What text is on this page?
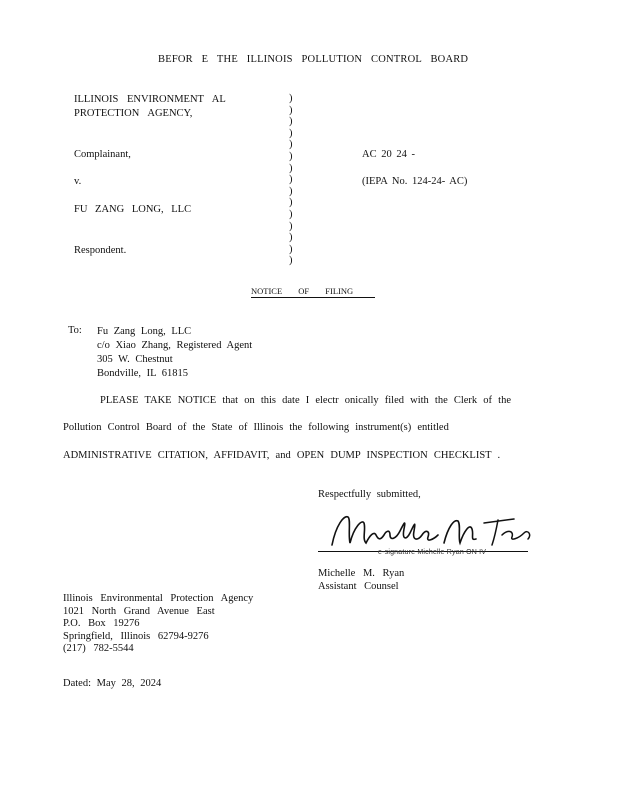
BEFOR E THE ILLINOIS POLLUTION CONTROL BOARD
ILLINOIS ENVIRONMENT AL
PROTECTION AGENCY,
Complainant,
v.
FU ZANG LONG, LLC
Respondent.
)
)
)
)
)
)
)
)
)
)
)
)
)
)
)
AC 20 24 -
(IEPA No. 124-24- AC)
NOTICE OF FILING
To: Fu Zang Long, LLC
c/o Xiao Zhang, Registered Agent
305 W. Chestnut
Bondville, IL 61815
PLEASE TAKE NOTICE that on this date I electr onically filed with the Clerk of the
Pollution Control Board of the State of Illinois the following instrument(s) entitled
ADMINISTRATIVE CITATION, AFFIDAVIT, and OPEN DUMP INSPECTION CHECKLIST .
Respectfully submitted,
e-signature Michelle Ryan ON IV
Michelle M. Ryan
Assistant Counsel
Illinois Environmental Protection Agency
1021 North Grand Avenue East
P.O. Box 19276
Springfield, Illinois 62794-9276
(217) 782-5544
Dated: May 28, 2024
